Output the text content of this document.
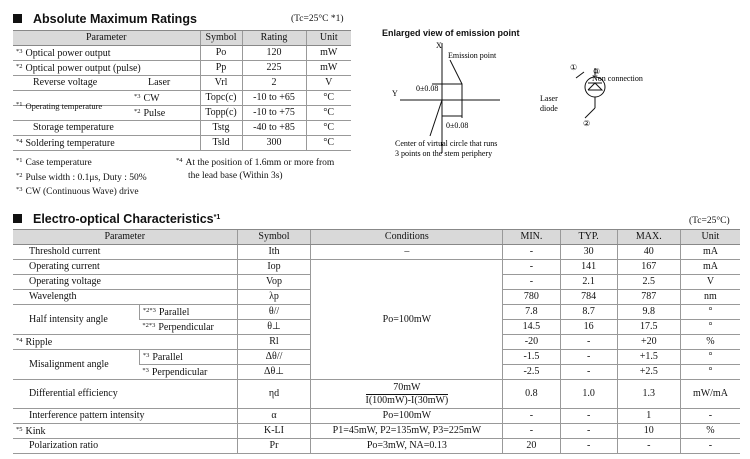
Absolute Maximum Ratings	(Tc=25°C *1)
Parameter	Symbol	Rating	Unit
$^{*3}$ Optical power output	Po	120	mW
$^{*2}$ Optical power output (pulse)	Pp	225	mW
Reverse voltage Laser	Vrl	2	V

$^{*1}$ Operating temperature
$^{*3}$ CW	Topc(c)	-10 to +65	°C
$^{*2}$ Pulse	Topp(c)	-10 to +75	°C
Storage temperature	Tstg	-40 to +85	°C
$^{*4}$ Soldering temperature	Tsld	300	°C
$^{*1}$ Case temperature
$^{*2}$ Pulse width : 0.1μs, Duty : 50%
$^{*3}$ CW (Continuous Wave) drive
$^{*4}$ At the position of 1.6mm or more from
the lead base (Within 3s)
Enlarged view of emission point
X
Y
Emission point
0±0.08
0±0.08
Center of virtual circle that runs
3 points on the stem periphery
① ③
Non connection
Laser
diode
②
Electro-optical Characteristics$^{*1}$	(Tc=25°C)
Parameter		Symbol	Conditions	MIN.	TYP.	MAX.	Unit
Threshold current		Ith	–	-	30	40	mA
Operating current		Iop	Po=100mW	-	141	167	mA
Operating voltage		Vop		-	2.1	2.5	V
Wavelength		λp		780	784	787	nm
Half intensity angle	$^{*2*3}$ Parallel	θ//		7.8	8.7	9.8	°
	$^{*2*3}$ Perpendicular	θ⊥		14.5	16	17.5	°
$^{*4}$ Ripple		Rl		-20	-	+20	%
Misalignment angle	$^{*3}$ Parallel	Δθ//		-1.5	-	+1.5	°
	$^{*3}$ Perpendicular	Δθ⊥		-2.5	-	+2.5	°
Differential efficiency		ηd	$\frac{70mW}{I(100mW)-I(30mW)}$	0.8	1.0	1.3	mW/mA
Interference pattern intensity		α	Po=100mW	-	-	1	-
$^{*5}$ Kink		K-LI	P1=45mW, P2=135mW, P3=225mW	-	-	10	%
Polarization ratio		Pr	Po=3mW, NA=0.13	20	-	-	-
